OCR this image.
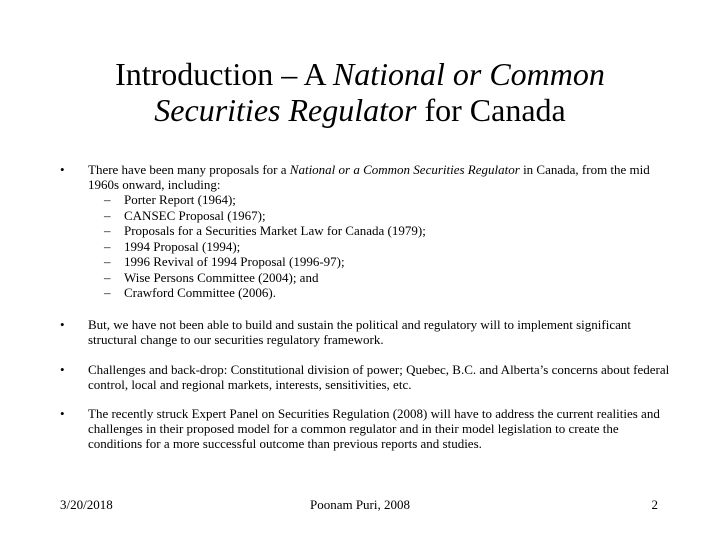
Introduction – A National or Common
Securities Regulator for Canada
• There have been many proposals for a National or a Common Securities Regulator in Canada, from the mid 1960s onward, including:
– Porter Report (1964);
– CANSEC Proposal (1967);
– Proposals for a Securities Market Law for Canada (1979);
– 1994 Proposal (1994);
– 1996 Revival of 1994 Proposal (1996-97);
– Wise Persons Committee (2004); and
– Crawford Committee (2006).
• But, we have not been able to build and sustain the political and regulatory will to implement significant structural change to our securities regulatory framework.
• Challenges and back-drop: Constitutional division of power; Quebec, B.C. and Alberta’s concerns about federal control, local and regional markets, interests, sensitivities, etc.
• The recently struck Expert Panel on Securities Regulation (2008) will have to address the current realities and challenges in their proposed model for a common regulator and in their model legislation to create the conditions for a more successful outcome than previous reports and studies.
3/20/2018	Poonam Puri, 2008	2
